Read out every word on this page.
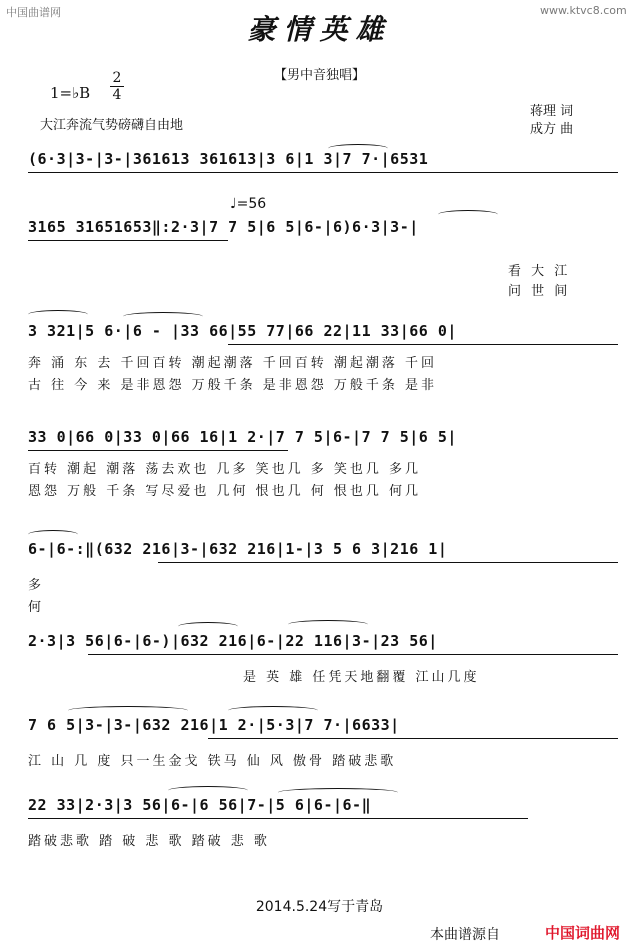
中国曲谱网	www.ktvc8.com
豪情英雄
【男中音独唱】
1=♭B
2
4
大江奔流气势磅礴自由地
蒋理 词
成方 曲
♩=56
(6·3|3-|3-|361613 361613|3 6|1 3|7 7·|6531
3165 31651653‖:2·3|7 7 5|6 5|6-|6)6·3|3-|
看 大 江
问 世 间
3 321|5 6·|6 - |33 66|55 77|66 22|11 33|66 0|
奔 涌 东 去 千回百转 潮起潮落 千回百转 潮起潮落 千回
古 往 今 来 是非恩怨 万般千条 是非恩怨 万般千条 是非
33 0|66 0|33 0|66 16|1 2·|7 7 5|6-|7 7 5|6 5|
百转 潮起 潮落 荡去欢也 几多 笑也几 多 笑也几 多几
恩怨 万般 千条 写尽爱也 几何 恨也几 何 恨也几 何几
6-|6-:‖(632 216|3-|632 216|1-|3 5 6 3|216 1|
多
何
2·3|3 56|6-|6-)|632 216|6-|22 116|3-|23 56|
是 英 雄 任凭天地翻覆 江山几度
7 6 5|3-|3-|632 216|1 2·|5·3|7 7·|6633|
江 山 几 度 只一生金戈 铁马 仙 风 傲骨 踏破悲歌
22 33|2·3|3 56|6-|6 56|7-|5 6|6-|6-‖
踏破悲歌 踏 破 悲 歌 踏破 悲 歌
2014.5.24写于青岛
本曲谱源自	中国词曲网
